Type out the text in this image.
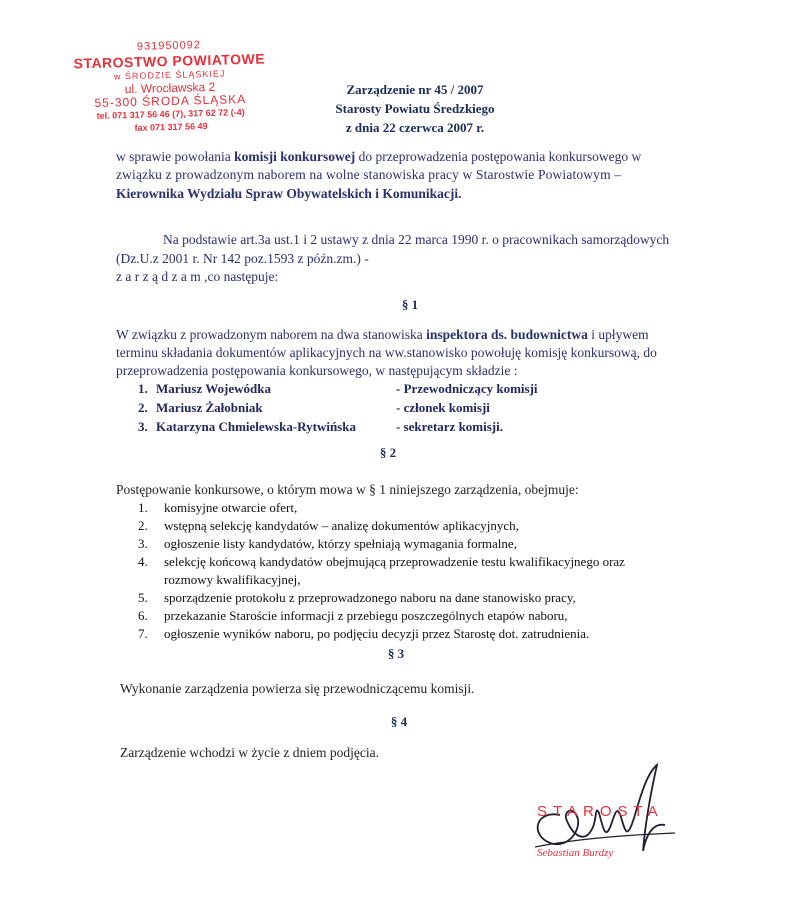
931950092
STAROSTWO POWIATOWE
w ŚRODZIE ŚLĄSKIEJ
ul. Wrocławska 2
55-300 ŚRODA ŚLĄSKA
tel. 071 317 56 46 (7), 317 62 72 (-4)
fax 071 317 56 49
Zarządzenie nr 45 / 2007
Starosty Powiatu Średzkiego
z dnia 22 czerwca 2007 r.
w sprawie powołania komisji konkursowej do przeprowadzenia postępowania konkursowego w
związku z prowadzonym naborem na wolne stanowiska pracy w Starostwie Powiatowym –
Kierownika Wydziału Spraw Obywatelskich i Komunikacji.
Na podstawie art.3a ust.1 i 2 ustawy z dnia 22 marca 1990 r. o pracownikach samorządowych
(Dz.U.z 2001 r. Nr 142 poz.1593 z późn.zm.) -
z a r z ą d z a m ,co następuje:
§ 1
W związku z prowadzonym naborem na dwa stanowiska inspektora ds. budownictwa i upływem
terminu składania dokumentów aplikacyjnych na ww.stanowisko powołuję komisję konkursową, do
przeprowadzenia postępowania konkursowego, w następującym składzie :
1. Mariusz Wojewódka	- Przewodniczący komisji
2. Mariusz Żałobniak	- członek komisji
3. Katarzyna Chmielewska-Rytwińska	- sekretarz komisji.
§ 2
Postępowanie konkursowe, o którym mowa w § 1 niniejszego zarządzenia, obejmuje:
1.	komisyjne otwarcie ofert,
2.	wstępną selekcję kandydatów – analizę dokumentów aplikacyjnych,
3.	ogłoszenie listy kandydatów, którzy spełniają wymagania formalne,
4.	selekcję końcową kandydatów obejmującą przeprowadzenie testu kwalifikacyjnego oraz
rozmowy kwalifikacyjnej,
5.	sporządzenie protokołu z przeprowadzonego naboru na dane stanowisko pracy,
6.	przekazanie Staroście informacji z przebiegu poszczególnych etapów naboru,
7.	ogłoszenie wyników naboru, po podjęciu decyzji przez Starostę dot. zatrudnienia.
§ 3
Wykonanie zarządzenia powierza się przewodniczącemu komisji.
§ 4
Zarządzenie wchodzi w życie z dniem podjęcia.
STAROSTA
Sebastian Burdzy
